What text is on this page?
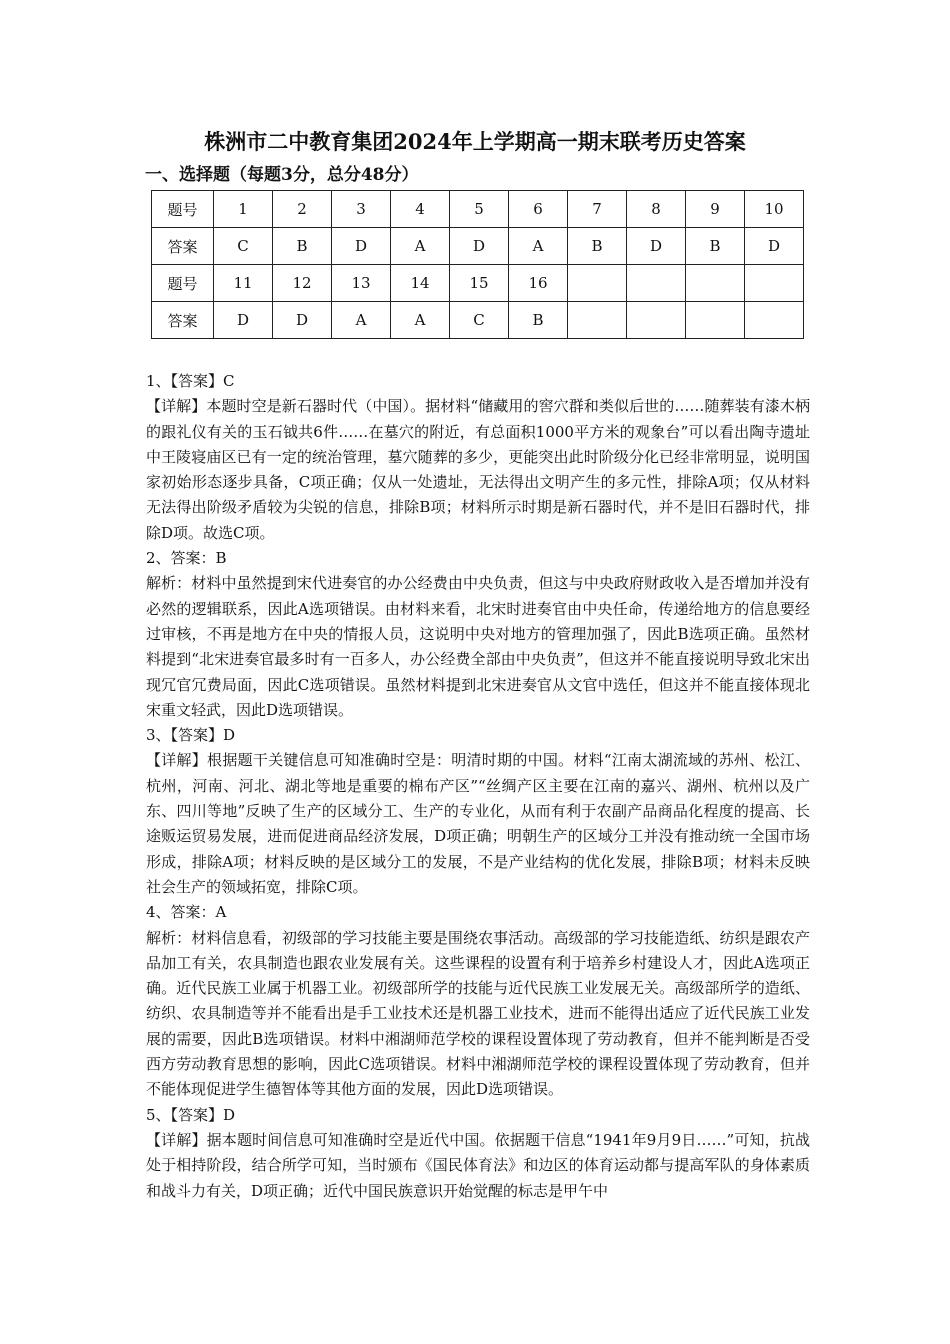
株洲市二中教育集团2024年上学期高一期末联考历史答案
一、选择题（每题3分，总分48分）
题号	1	2	3	4	5	6	7	8	9	10
答案	C	B	D	A	D	A	B	D	B	D
题号	11	12	13	14	15	16				
答案	D	D	A	A	C	B				
1、【答案】C
【详解】本题时空是新石器时代（中国）。据材料“储藏用的窖穴群和类似后世的……随葬装有漆木柄的跟礼仪有关的玉石钺共6件……在墓穴的附近，有总面积1000平方米的观象台”可以看出陶寺遗址中王陵寝庙区已有一定的统治管理，墓穴随葬的多少，更能突出此时阶级分化已经非常明显，说明国家初始形态逐步具备，C项正确；仅从一处遗址，无法得出文明产生的多元性，排除A项；仅从材料无法得出阶级矛盾较为尖锐的信息，排除B项；材料所示时期是新石器时代，并不是旧石器时代，排除D项。故选C项。
2、答案：B
解析：材料中虽然提到宋代进奏官的办公经费由中央负责，但这与中央政府财政收入是否增加并没有必然的逻辑联系，因此A选项错误。由材料来看，北宋时进奏官由中央任命，传递给地方的信息要经过审核，不再是地方在中央的情报人员，这说明中央对地方的管理加强了，因此B选项正确。虽然材料提到“北宋进奏官最多时有一百多人，办公经费全部由中央负责”，但这并不能直接说明导致北宋出现冗官冗费局面，因此C选项错误。虽然材料提到北宋进奏官从文官中选任，但这并不能直接体现北宋重文轻武，因此D选项错误。
3、【答案】D
【详解】根据题干关键信息可知准确时空是：明清时期的中国。材料“江南太湖流域的苏州、松江、杭州，河南、河北、湖北等地是重要的棉布产区”“丝绸产区主要在江南的嘉兴、湖州、杭州以及广东、四川等地”反映了生产的区域分工、生产的专业化，从而有利于农副产品商品化程度的提高、长途贩运贸易发展，进而促进商品经济发展，D项正确；明朝生产的区域分工并没有推动统一全国市场形成，排除A项；材料反映的是区域分工的发展，不是产业结构的优化发展，排除B项；材料未反映社会生产的领域拓宽，排除C项。
4、答案：A
解析：材料信息看，初级部的学习技能主要是围绕农事活动。高级部的学习技能造纸、纺织是跟农产品加工有关，农具制造也跟农业发展有关。这些课程的设置有利于培养乡村建设人才，因此A选项正确。近代民族工业属于机器工业。初级部所学的技能与近代民族工业发展无关。高级部所学的造纸、纺织、农具制造等并不能看出是手工业技术还是机器工业技术，进而不能得出适应了近代民族工业发展的需要，因此B选项错误。材料中湘湖师范学校的课程设置体现了劳动教育，但并不能判断是否受西方劳动教育思想的影响，因此C选项错误。材料中湘湖师范学校的课程设置体现了劳动教育，但并不能体现促进学生德智体等其他方面的发展，因此D选项错误。
5、【答案】D
【详解】据本题时间信息可知准确时空是近代中国。依据题干信息“1941年9月9日……”可知，抗战处于相持阶段，结合所学可知，当时颁布《国民体育法》和边区的体育运动都与提高军队的身体素质和战斗力有关，D项正确；近代中国民族意识开始觉醒的标志是甲午中
